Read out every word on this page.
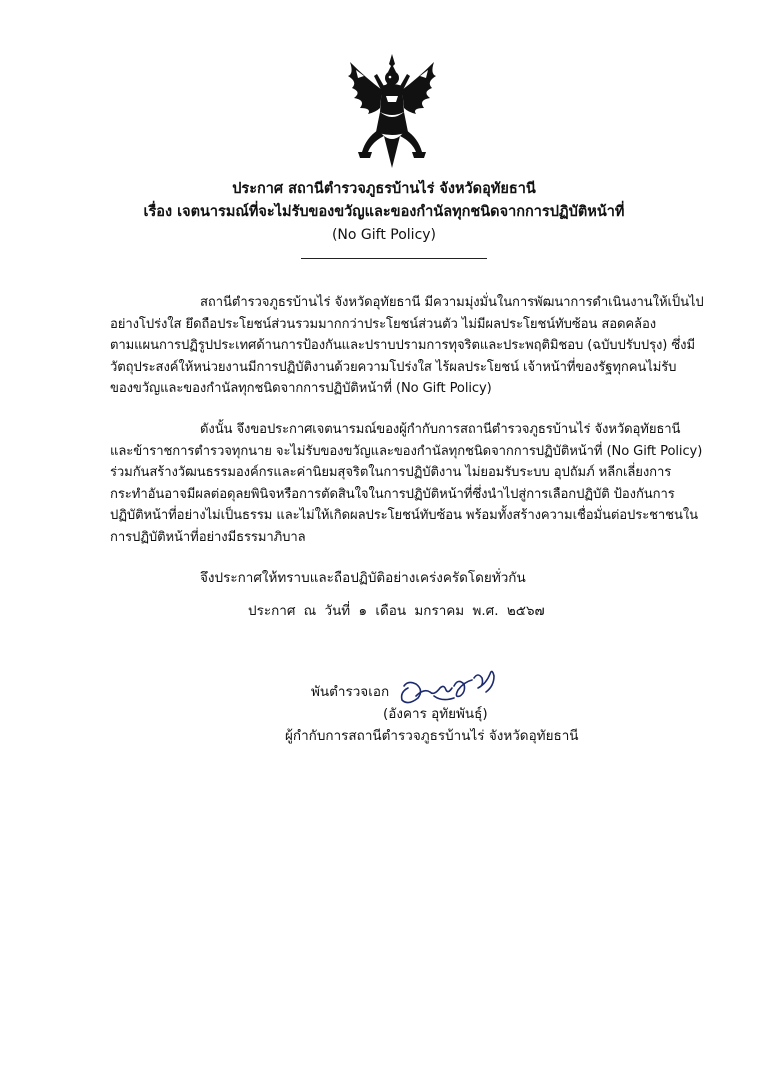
ประกาศ สถานีตำรวจภูธรบ้านไร่ จังหวัดอุทัยธานี
เรื่อง เจตนารมณ์ที่จะไม่รับของขวัญและของกำนัลทุกชนิดจากการปฏิบัติหน้าที่
(No Gift Policy)
สถานีตำรวจภูธรบ้านไร่ จังหวัดอุทัยธานี มีความมุ่งมั่นในการพัฒนาการดำเนินงานให้เป็นไป
อย่างโปร่งใส ยึดถือประโยชน์ส่วนรวมมากกว่าประโยชน์ส่วนตัว ไม่มีผลประโยชน์ทับซ้อน สอดคล้อง
ตามแผนการปฏิรูปประเทศด้านการป้องกันและปราบปรามการทุจริตและประพฤติมิชอบ (ฉบับปรับปรุง) ซึ่งมี
วัตถุประสงค์ให้หน่วยงานมีการปฏิบัติงานด้วยความโปร่งใส ไร้ผลประโยชน์ เจ้าหน้าที่ของรัฐทุกคนไม่รับ
ของขวัญและของกำนัลทุกชนิดจากการปฏิบัติหน้าที่ (No Gift Policy)
ดังนั้น จึงขอประกาศเจตนารมณ์ของผู้กำกับการสถานีตำรวจภูธรบ้านไร่ จังหวัดอุทัยธานี
และข้าราชการตำรวจทุกนาย จะไม่รับของขวัญและของกำนัลทุกชนิดจากการปฏิบัติหน้าที่ (No Gift Policy)
ร่วมกันสร้างวัฒนธรรมองค์กรและค่านิยมสุจริตในการปฏิบัติงาน ไม่ยอมรับระบบ อุปถัมภ์ หลีกเลี่ยงการ
กระทำอันอาจมีผลต่อดุลยพินิจหรือการตัดสินใจในการปฏิบัติหน้าที่ซึ่งนำไปสู่การเลือกปฏิบัติ ป้องกันการ
ปฏิบัติหน้าที่อย่างไม่เป็นธรรม และไม่ให้เกิดผลประโยชน์ทับซ้อน พร้อมทั้งสร้างความเชื่อมั่นต่อประชาชนใน
การปฏิบัติหน้าที่อย่างมีธรรมาภิบาล
จึงประกาศให้ทราบและถือปฏิบัติอย่างเคร่งครัดโดยทั่วกัน
ประกาศ ณ วันที่ ๑ เดือน มกราคม พ.ศ. ๒๕๖๗
พันตำรวจเอก
(อังคาร อุทัยพันธุ์)
ผู้กำกับการสถานีตำรวจภูธรบ้านไร่ จังหวัดอุทัยธานี
